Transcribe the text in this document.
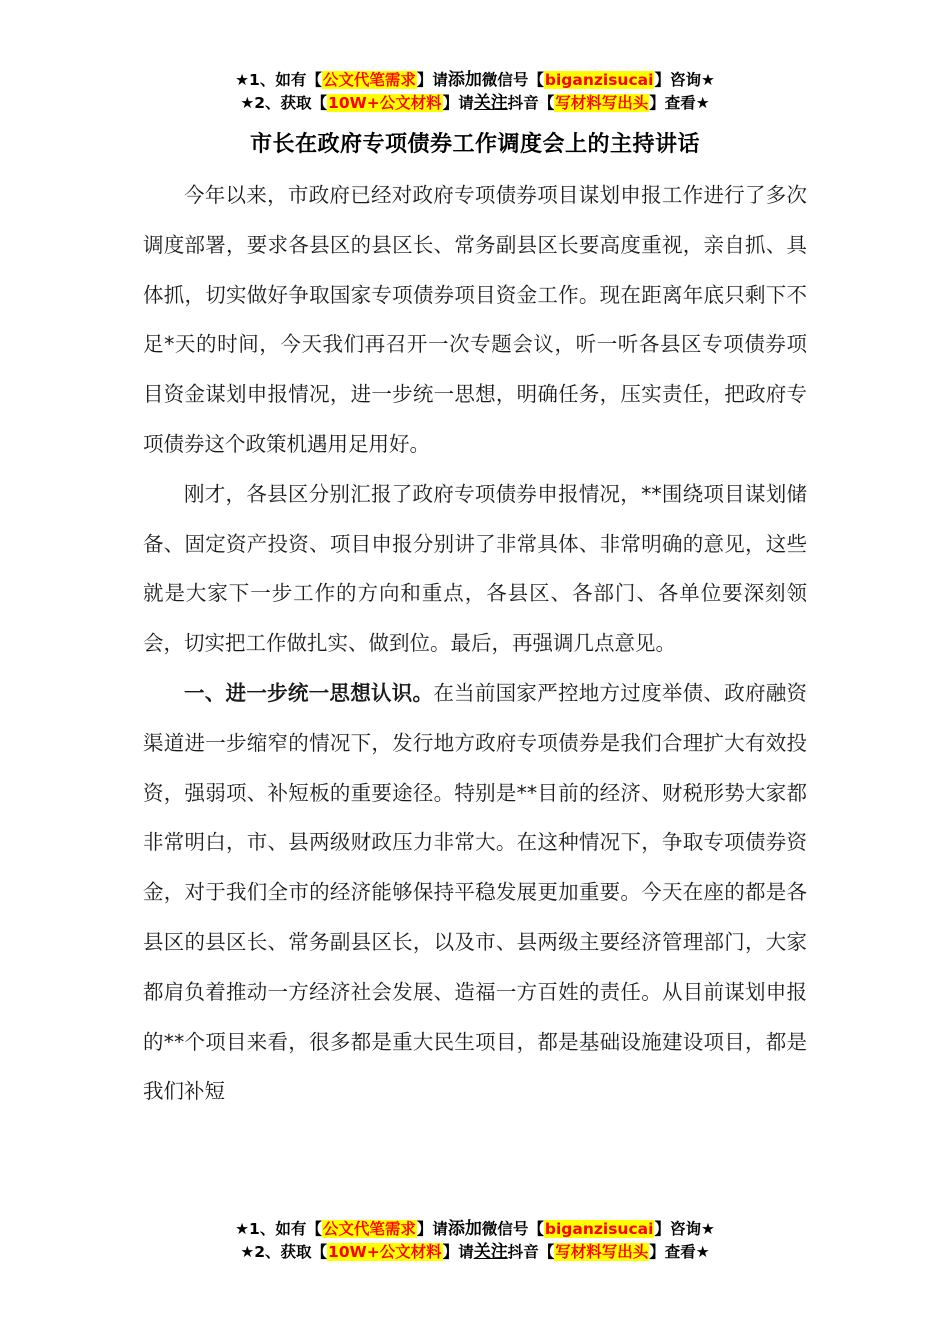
★1、如有【公文代笔需求】请添加微信号【biganzisucai】咨询★
★2、获取【10W+公文材料】请关注抖音【写材料写出头】查看★
市长在政府专项债券工作调度会上的主持讲话

今年以来，市政府已经对政府专项债券项目谋划申报工作进行了多次调度部署，要求各县区的县区长、常务副县区长要高度重视，亲自抓、具体抓，切实做好争取国家专项债券项目资金工作。现在距离年底只剩下不足*天的时间，今天我们再召开一次专题会议，听一听各县区专项债券项目资金谋划申报情况，进一步统一思想，明确任务，压实责任，把政府专项债券这个政策机遇用足用好。

刚才，各县区分别汇报了政府专项债券申报情况，**围绕项目谋划储备、固定资产投资、项目申报分别讲了非常具体、非常明确的意见，这些就是大家下一步工作的方向和重点，各县区、各部门、各单位要深刻领会，切实把工作做扎实、做到位。最后，再强调几点意见。

一、进一步统一思想认识。在当前国家严控地方过度举债、政府融资渠道进一步缩窄的情况下，发行地方政府专项债券是我们合理扩大有效投资，强弱项、补短板的重要途径。特别是**目前的经济、财税形势大家都非常明白，市、县两级财政压力非常大。在这种情况下，争取专项债券资金，对于我们全市的经济能够保持平稳发展更加重要。今天在座的都是各县区的县区长、常务副县区长，以及市、县两级主要经济管理部门，大家都肩负着推动一方经济社会发展、造福一方百姓的责任。从目前谋划申报的**个项目来看，很多都是重大民生项目，都是基础设施建设项目，都是我们补短

★1、如有【公文代笔需求】请添加微信号【biganzisucai】咨询★
★2、获取【10W+公文材料】请关注抖音【写材料写出头】查看★
